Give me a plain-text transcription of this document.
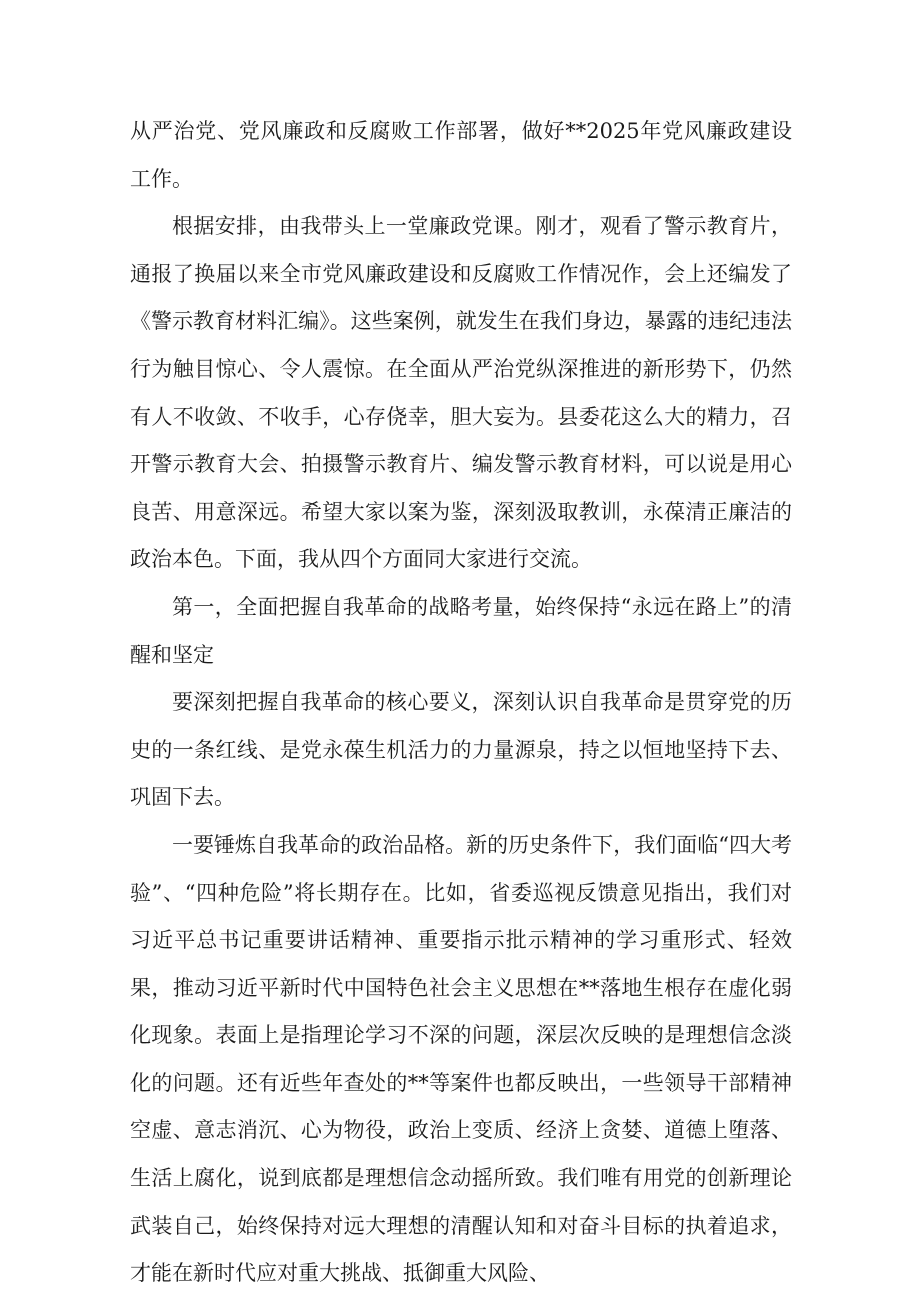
从严治党、党风廉政和反腐败工作部署，做好**2025年党风廉政建设工作。

根据安排，由我带头上一堂廉政党课。刚才，观看了警示教育片，通报了换届以来全市党风廉政建设和反腐败工作情况作，会上还编发了《警示教育材料汇编》。这些案例，就发生在我们身边，暴露的违纪违法行为触目惊心、令人震惊。在全面从严治党纵深推进的新形势下，仍然有人不收敛、不收手，心存侥幸，胆大妄为。县委花这么大的精力，召开警示教育大会、拍摄警示教育片、编发警示教育材料，可以说是用心良苦、用意深远。希望大家以案为鉴，深刻汲取教训，永葆清正廉洁的政治本色。下面，我从四个方面同大家进行交流。

第一，全面把握自我革命的战略考量，始终保持“永远在路上”的清醒和坚定

要深刻把握自我革命的核心要义，深刻认识自我革命是贯穿党的历史的一条红线、是党永葆生机活力的力量源泉，持之以恒地坚持下去、巩固下去。

一要锤炼自我革命的政治品格。新的历史条件下，我们面临“四大考验”、“四种危险”将长期存在。比如，省委巡视反馈意见指出，我们对习近平总书记重要讲话精神、重要指示批示精神的学习重形式、轻效果，推动习近平新时代中国特色社会主义思想在**落地生根存在虚化弱化现象。表面上是指理论学习不深的问题，深层次反映的是理想信念淡化的问题。还有近些年查处的**等案件也都反映出，一些领导干部精神空虚、意志消沉、心为物役，政治上变质、经济上贪婪、道德上堕落、生活上腐化，说到底都是理想信念动摇所致。我们唯有用党的创新理论武装自己，始终保持对远大理想的清醒认知和对奋斗目标的执着追求，才能在新时代应对重大挑战、抵御重大风险、
